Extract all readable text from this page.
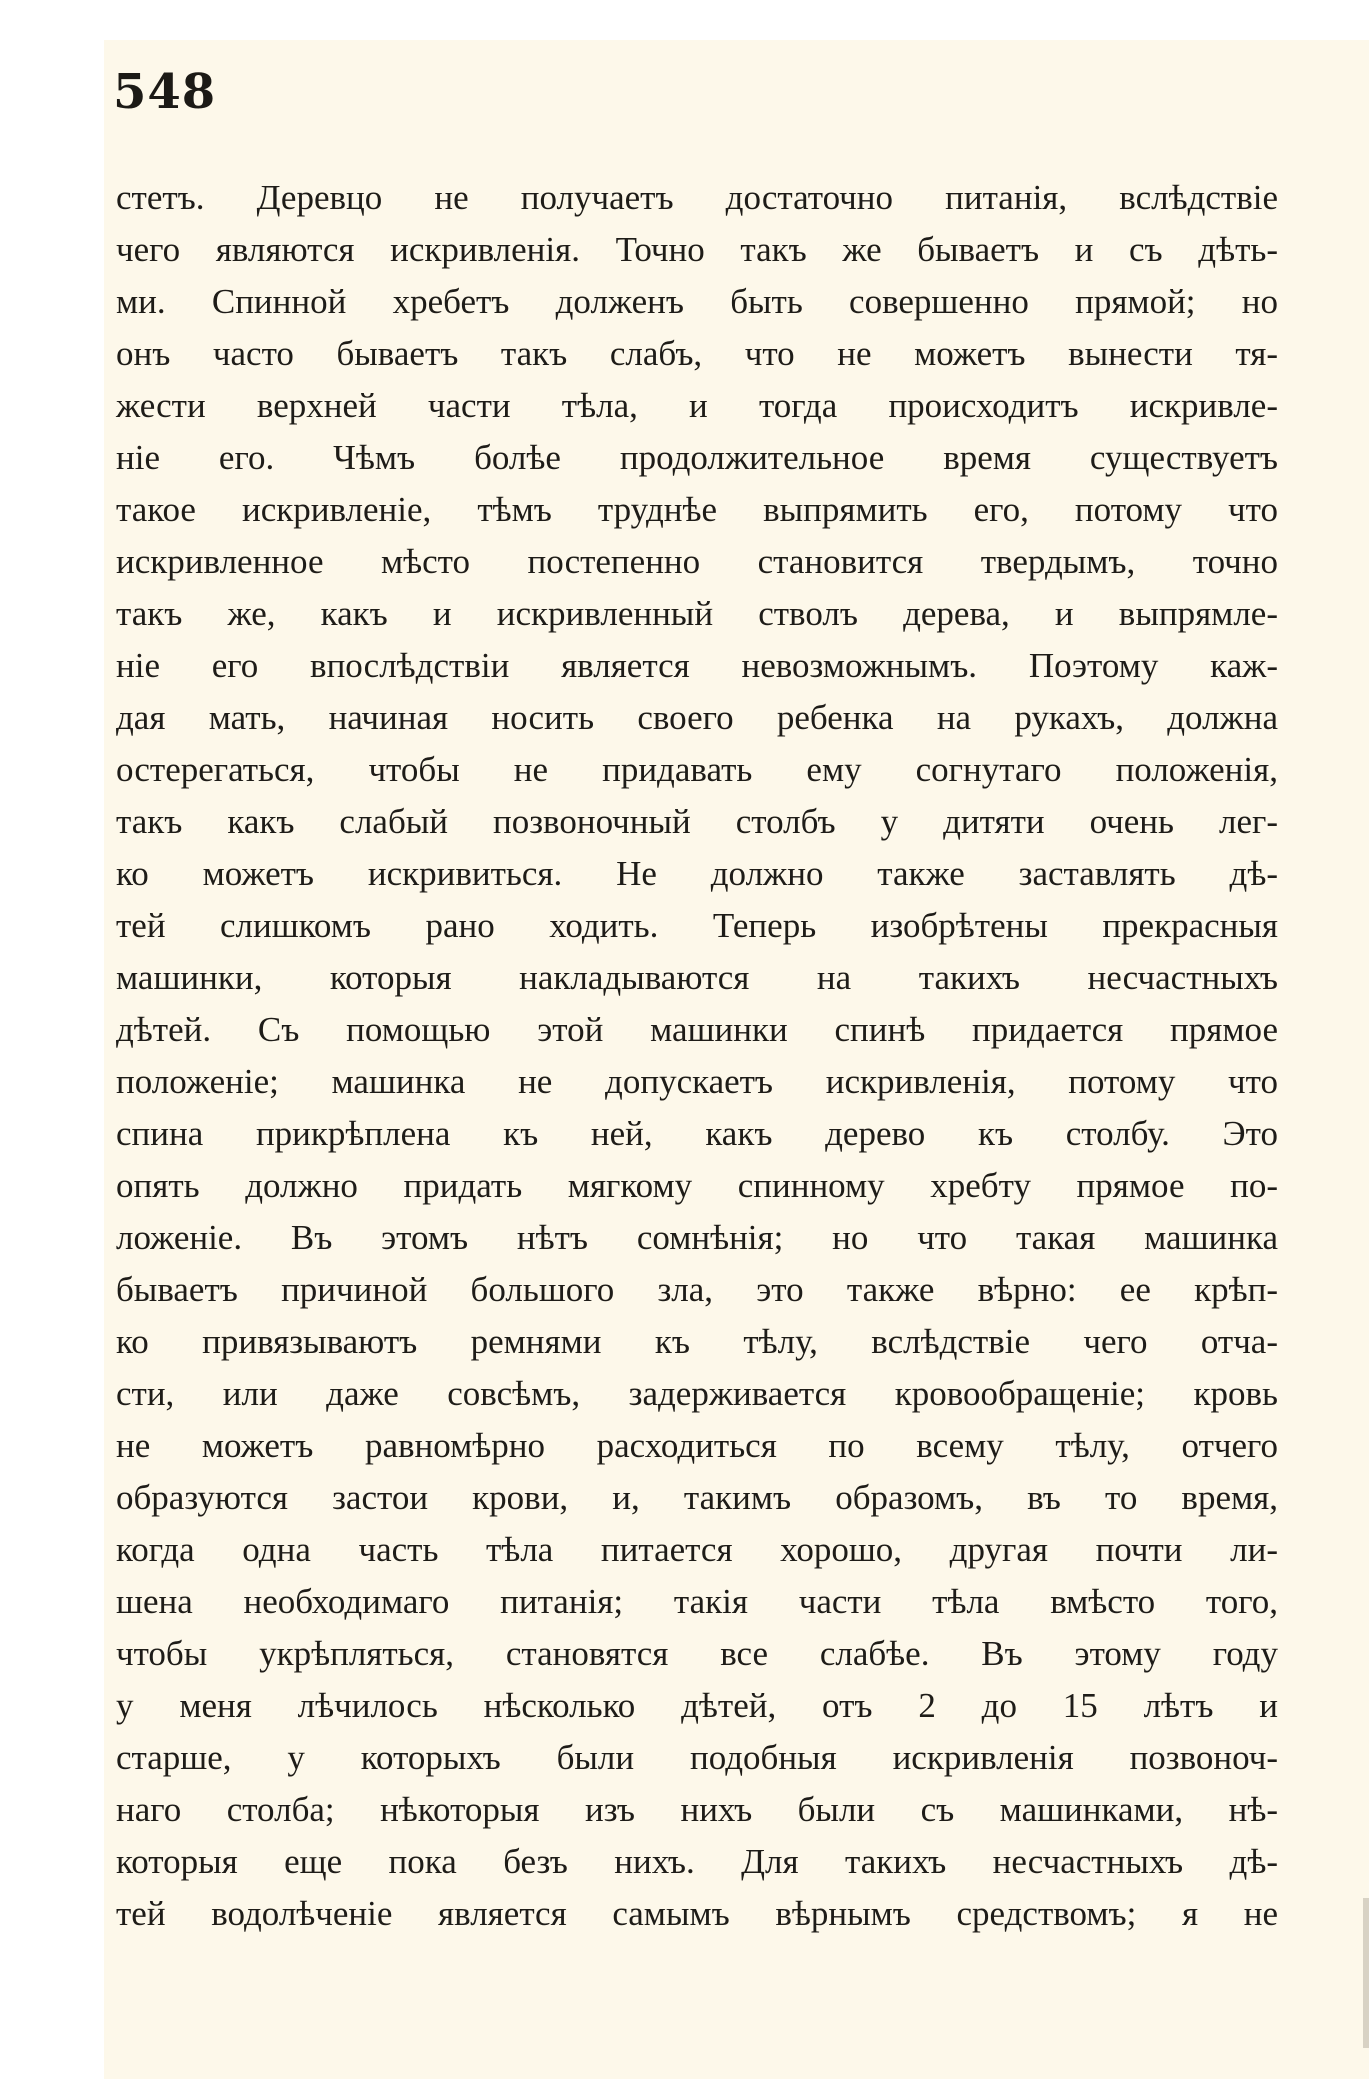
548
стетъ. Деревцо не получаетъ достаточно питанія, вслѣдствіе
чего являются искривленія. Точно такъ же бываетъ и съ дѣть-
ми. Спинной хребетъ долженъ быть совершенно прямой; но
онъ часто бываетъ такъ слабъ, что не можетъ вынести тя-
жести верхней части тѣла, и тогда происходитъ искривле-
ніе его. Чѣмъ болѣе продолжительное время существуетъ
такое искривленіе, тѣмъ труднѣе выпрямить его, потому что
искривленное мѣсто постепенно становится твердымъ, точно
такъ же, какъ и искривленный стволъ дерева, и выпрямле-
ніе его впослѣдствіи является невозможнымъ. Поэтому каж-
дая мать, начиная носить своего ребенка на рукахъ, должна
остерегаться, чтобы не придавать ему согнутаго положенія,
такъ какъ слабый позвоночный столбъ у дитяти очень лег-
ко можетъ искривиться. Не должно также заставлять дѣ-
тей слишкомъ рано ходить. Теперь изобрѣтены прекрасныя
машинки, которыя накладываются на такихъ несчастныхъ
дѣтей. Съ помощью этой машинки спинѣ придается прямое
положеніе; машинка не допускаетъ искривленія, потому что
спина прикрѣплена къ ней, какъ дерево къ столбу. Это
опять должно придать мягкому спинному хребту прямое по-
ложеніе. Въ этомъ нѣтъ сомнѣнія; но что такая машинка
бываетъ причиной большого зла, это также вѣрно: ее крѣп-
ко привязываютъ ремнями къ тѣлу, вслѣдствіе чего отча-
сти, или даже совсѣмъ, задерживается кровообращеніе; кровь
не можетъ равномѣрно расходиться по всему тѣлу, отчего
образуются застои крови, и, такимъ образомъ, въ то время,
когда одна часть тѣла питается хорошо, другая почти ли-
шена необходимаго питанія; такія части тѣла вмѣсто того,
чтобы укрѣпляться, становятся все слабѣе. Въ этому году
у меня лѣчилось нѣсколько дѣтей, отъ 2 до 15 лѣтъ и
старше, у которыхъ были подобныя искривленія позвоноч-
наго столба; нѣкоторыя изъ нихъ были съ машинками, нѣ-
которыя еще пока безъ нихъ. Для такихъ несчастныхъ дѣ-
тей водолѣченіе является самымъ вѣрнымъ средствомъ; я не
